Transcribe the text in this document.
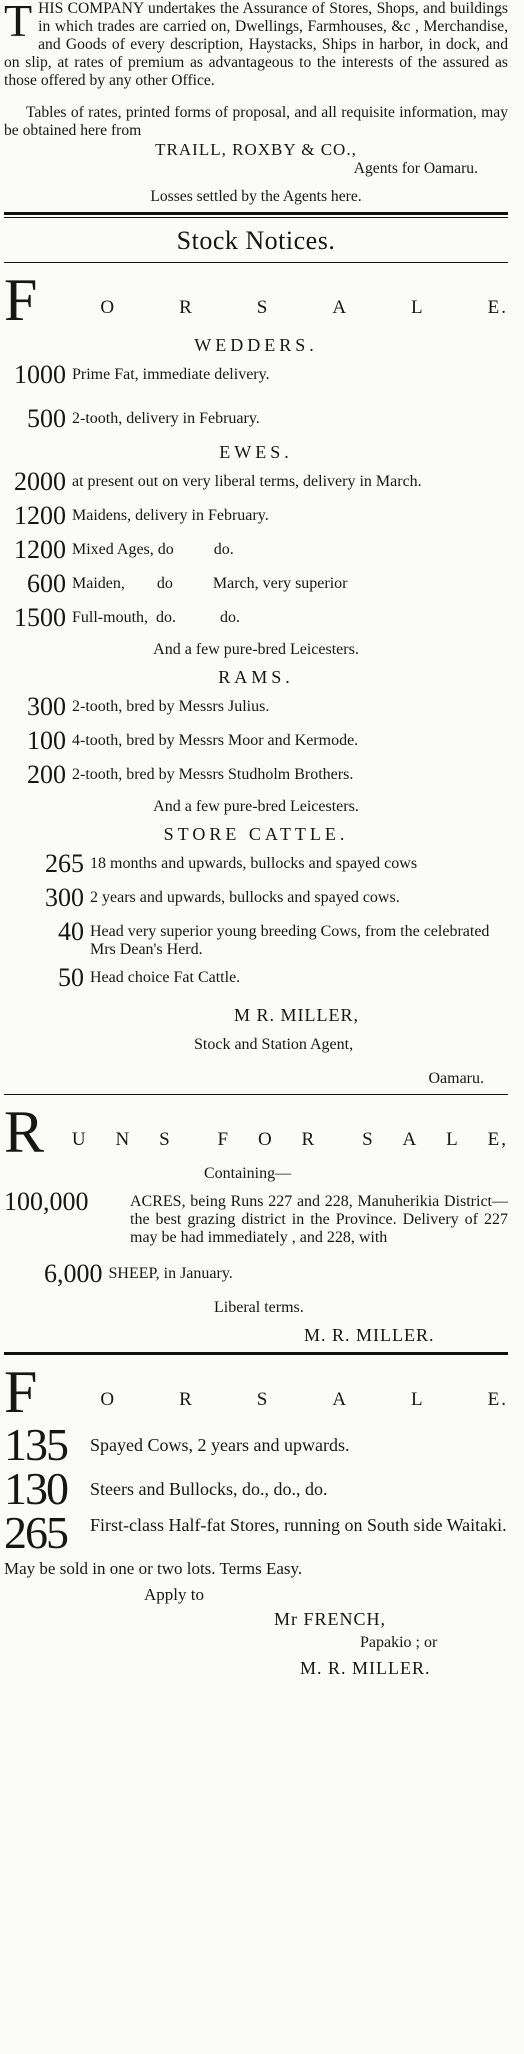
THIS COMPANY undertakes the Assurance of Stores, Shops, and buildings in which trades are carried on, Dwellings, Farmhouses, &c , Merchandise, and Goods of every description, Haystacks, Ships in harbor, in dock, and on slip, at rates of premium as advantageous to the interests of the assured as those offered by any other Office.

Tables of rates, printed forms of proposal, and all requisite information, may be obtained here from

TRAILL, ROXBY & CO.,

Agents for Oamaru.

Losses settled by the Agents here.

Stock Notices.
F	O	R	S	A	L	E.
WEDDERS.
1000 Prime Fat, immediate delivery.
500 2-tooth, delivery in February.
EWES.
2000 at present out on very liberal terms, delivery in March.
1200 Maidens, delivery in February.
1200 Mixed Ages, do          do.
600 Maiden,        do          March, very superior
1500 Full-mouth,  do.           do.

And a few pure-bred Leicesters.

RAMS.
300 2-tooth, bred by Messrs Julius.
100 4-tooth, bred by Messrs Moor and Kermode.
200 2-tooth, bred by Messrs Studholm Brothers.

And a few pure-bred Leicesters.

STORE CATTLE.
265 18 months and upwards, bullocks and spayed cows
300 2 years and upwards, bullocks and spayed cows.
40 Head very superior young breeding Cows, from the celebrated Mrs Dean's Herd.
50 Head choice Fat Cattle.

M R. MILLER,

Stock and Station Agent,

Oamaru.

R U N S F O R S A L E,

Containing—

100,000	ACRES, being Runs 227 and 228, Manuherikia District—the best grazing district in the Province. Delivery of 227 may be had immediately , and 228, with
6,000 SHEEP, in January.

Liberal terms.

M. R. MILLER.

F	O	R	S	A	L	E.
135	Spayed Cows, 2 years and upwards.
130	Steers and Bullocks, do., do., do.
265	First-class Half-fat Stores, running on South side Waitaki.

May be sold in one or two lots. Terms Easy.

Apply to

Mr FRENCH,

Papakio ; or

M. R. MILLER.
